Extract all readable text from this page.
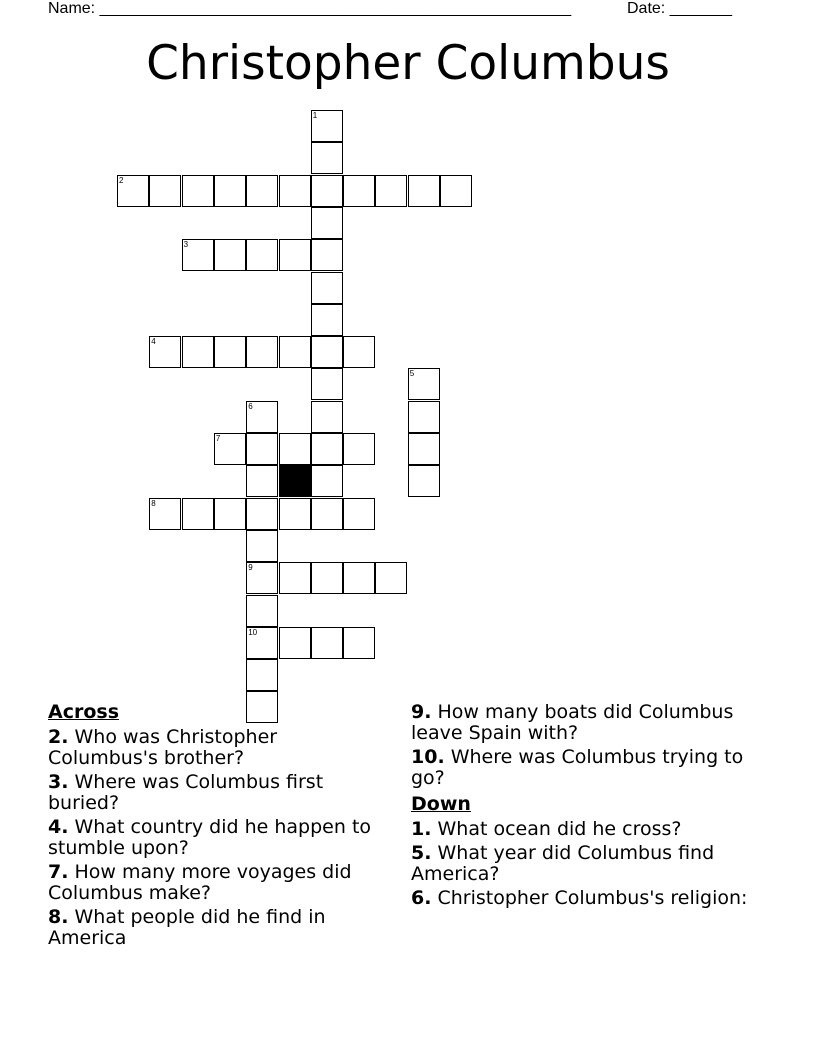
Name: _____________________________________________________	Date: _______
Christopher Columbus
1
2
3
4
5
6
9
10
7
8
Across
2. Who was Christopher Columbus's brother?
3. Where was Columbus first buried?
4. What country did he happen to stumble upon?
7. How many more voyages did Columbus make?
8. What people did he find in America
9. How many boats did Columbus leave Spain with?
10. Where was Columbus trying to go?
Down
1. What ocean did he cross?
5. What year did Columbus find America?
6. Christopher Columbus's religion:
